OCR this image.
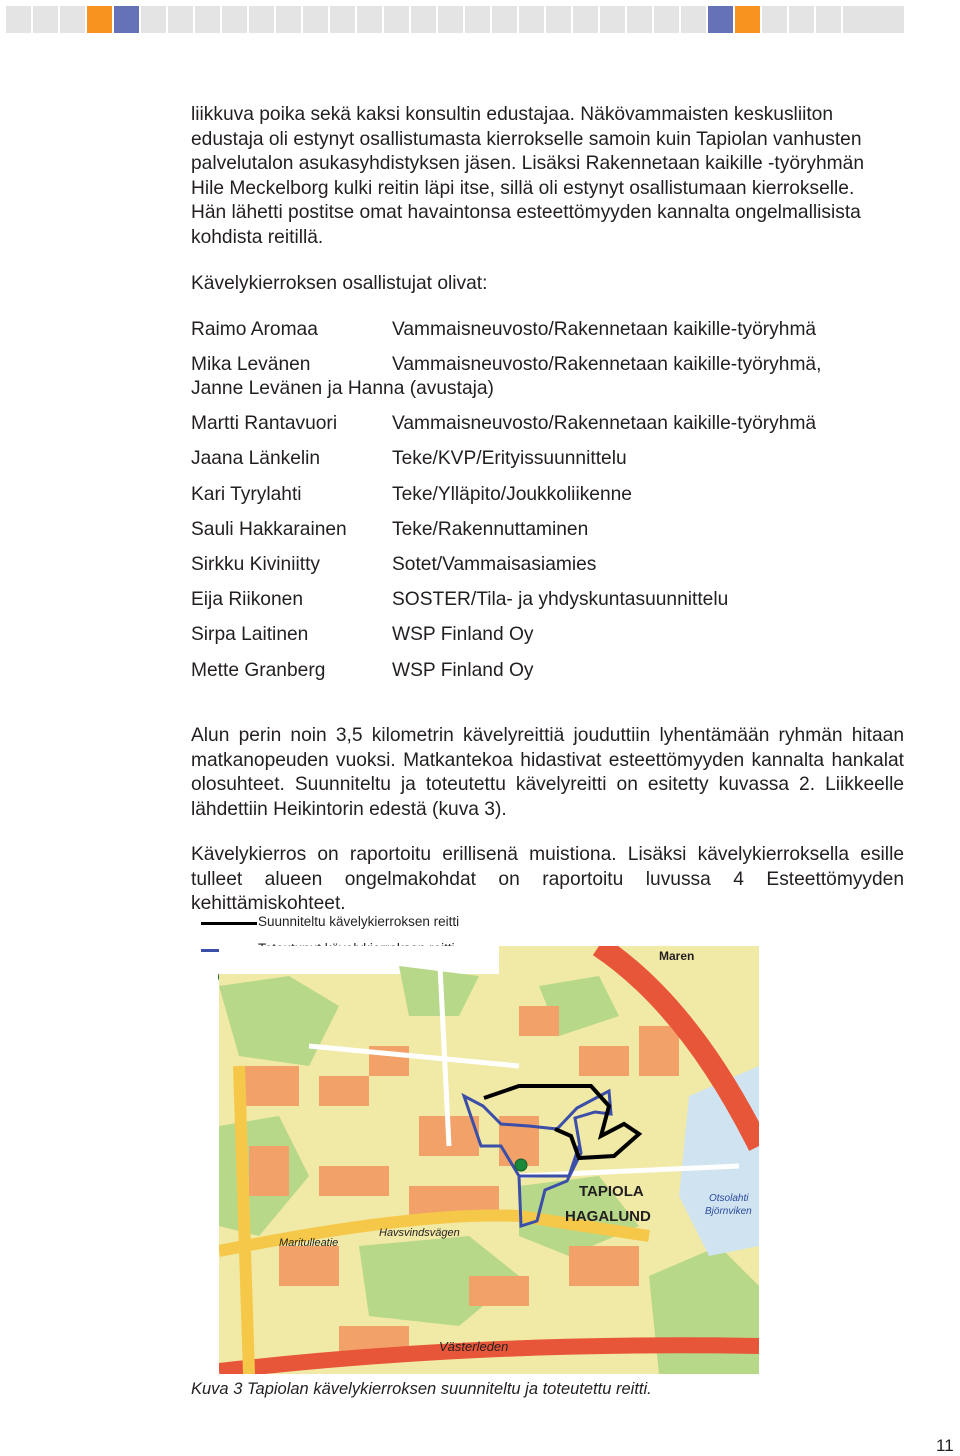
liikkuva poika sekä kaksi konsultin edustajaa. Näkövammaisten keskusliiton
edustaja oli estynyt osallistumasta kierrokselle samoin kuin Tapiolan vanhusten
palvelutalon asukasyhdistyksen jäsen. Lisäksi Rakennetaan kaikille -työryhmän
Hile Meckelborg kulki reitin läpi itse, sillä oli estynyt osallistumaan kierrokselle.
Hän lähetti postitse omat havaintonsa esteettömyyden kannalta ongelmallisista
kohdista reitillä.
Kävelykierroksen osallistujat olivat:
Raimo Aromaa	Vammaisneuvosto/Rakennetaan kaikille-työryhmä
Mika Levänen	Vammaisneuvosto/Rakennetaan kaikille-työryhmä,
Janne Levänen ja Hanna (avustaja)
Martti Rantavuori	Vammaisneuvosto/Rakennetaan kaikille-työryhmä
Jaana Länkelin	Teke/KVP/Erityissuunnittelu
Kari Tyrylahti	Teke/Ylläpito/Joukkoliikenne
Sauli Hakkarainen Teke/Rakennuttaminen
Sirkku Kiviniitty	Sotet/Vammaisasiamies
Eija Riikonen	SOSTER/Tila- ja yhdyskuntasuunnittelu
Sirpa Laitinen	WSP Finland Oy
Mette Granberg	WSP Finland Oy

Alun perin noin 3,5 kilometrin kävelyreittiä jouduttiin lyhentämään ryhmän hitaan matkanopeuden vuoksi. Matkantekoa hidastivat esteettömyyden kannalta hankalat olosuhteet. Suunniteltu ja toteutettu kävelyreitti on esitetty kuvassa 2. Liikkeelle lähdettiin Heikintorin edestä (kuva 3).

Kävelykierros on raportoitu erillisenä muistiona. Lisäksi kävelykierroksella esille tulleet alueen ongelmakohdat on raportoitu luvussa 4 Esteettömyyden kehittämiskohteet.

Suunniteltu kävelykierroksen reitti
TAPIOLA
HAGALUND
Västerleden
Havsvindsvägen
Maritulleatie
Maren
Otsolahti
Björnviken
Kuva 3 Tapiolan kävelykierroksen suunniteltu ja toteutettu reitti.
11
